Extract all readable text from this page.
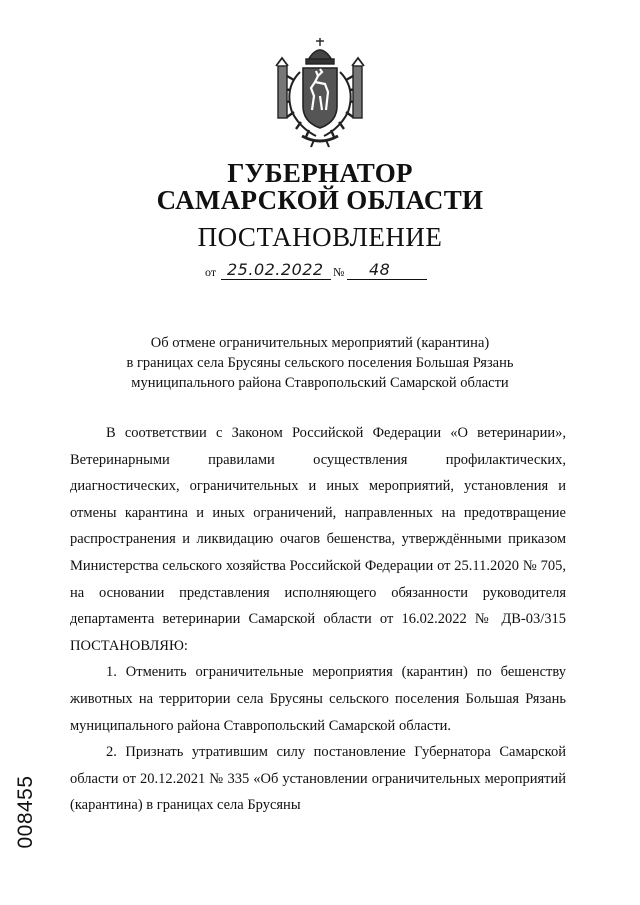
ГУБЕРНАТОР
САМАРСКОЙ ОБЛАСТИ
ПОСТАНОВЛЕНИЕ
от 25.02.2022 № 48
Об отмене ограничительных мероприятий (карантина)
в границах села Брусяны сельского поселения Большая Рязань
муниципального района Ставропольский Самарской области

В соответствии с Законом Российской Федерации «О ветеринарии», Ветеринарными правилами осуществления профилактических, диагностических, ограничительных и иных мероприятий, установления и отмены карантина и иных ограничений, направленных на предотвращение распространения и ликвидацию очагов бешенства, утверждёнными приказом Министерства сельского хозяйства Российской Федерации от 25.11.2020 № 705, на основании представления исполняющего обязанности руководителя департамента ветеринарии Самарской области от 16.02.2022 № ДВ-03/315 ПОСТАНОВЛЯЮ:

1. Отменить ограничительные мероприятия (карантин) по бешенству животных на территории села Брусяны сельского поселения Большая Рязань муниципального района Ставропольский Самарской области.

2. Признать утратившим силу постановление Губернатора Самарской области от 20.12.2021 № 335 «Об установлении ограничительных мероприятий (карантина) в границах села Брусяны

008455
